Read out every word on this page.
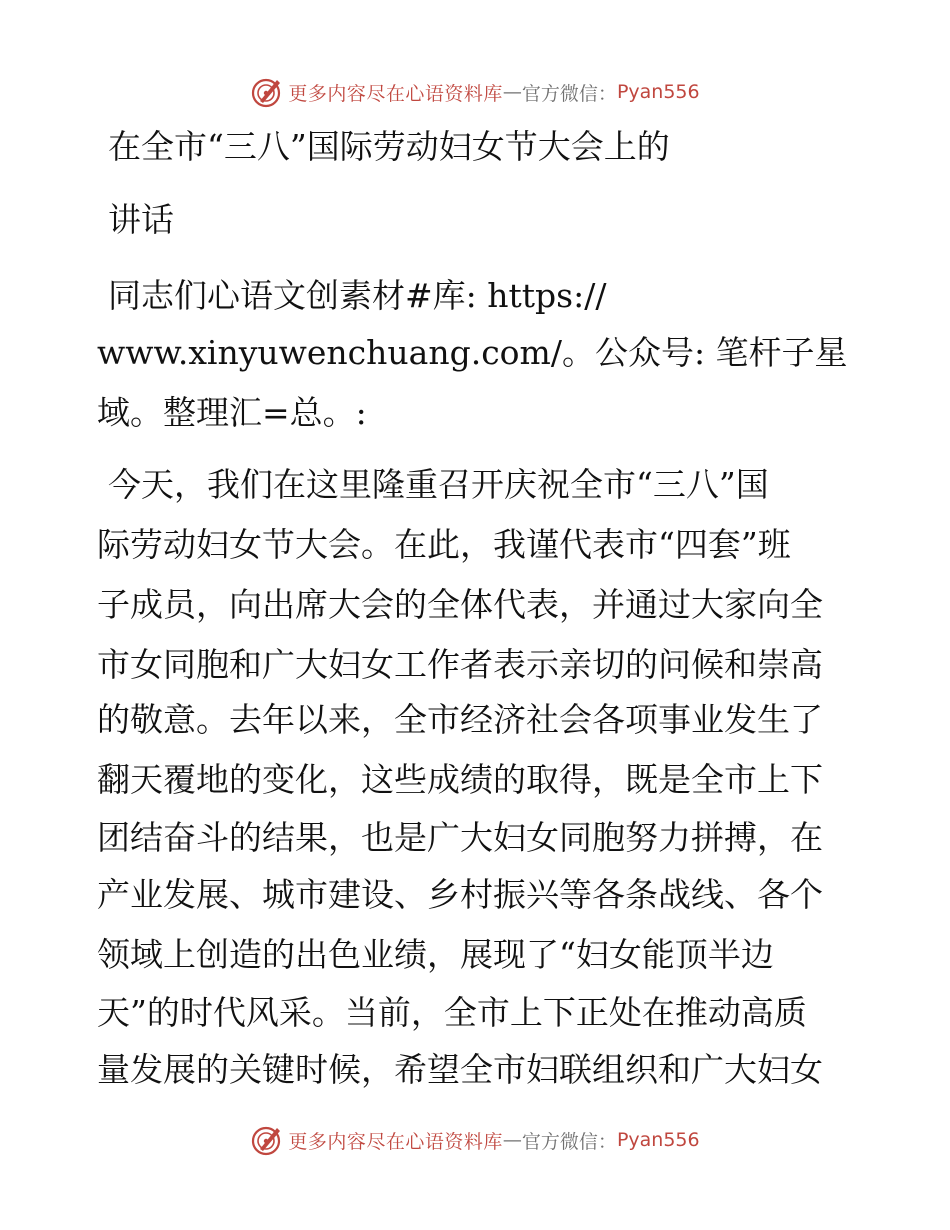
更多内容尽在心语资料库 — 官方微信： Pyan556
在全市“三八”国际劳动妇女节大会上的
讲话
同志们心语文创素材#库: https://
www.xinyuwenchuang.com/。公众号: 笔杆子星
域。整理汇=总。:
今天，我们在这里隆重召开庆祝全市“三八”国
际劳动妇女节大会。在此，我谨代表市“四套”班
子成员，向出席大会的全体代表，并通过大家向全
市女同胞和广大妇女工作者表示亲切的问候和崇高
的敬意。去年以来，全市经济社会各项事业发生了
翻天覆地的变化，这些成绩的取得，既是全市上下
团结奋斗的结果，也是广大妇女同胞努力拼搏，在
产业发展、城市建设、乡村振兴等各条战线、各个
领域上创造的出色业绩，展现了“妇女能顶半边
天”的时代风采。当前，全市上下正处在推动高质
量发展的关键时候，希望全市妇联组织和广大妇女
更多内容尽在心语资料库 — 官方微信： Pyan556
